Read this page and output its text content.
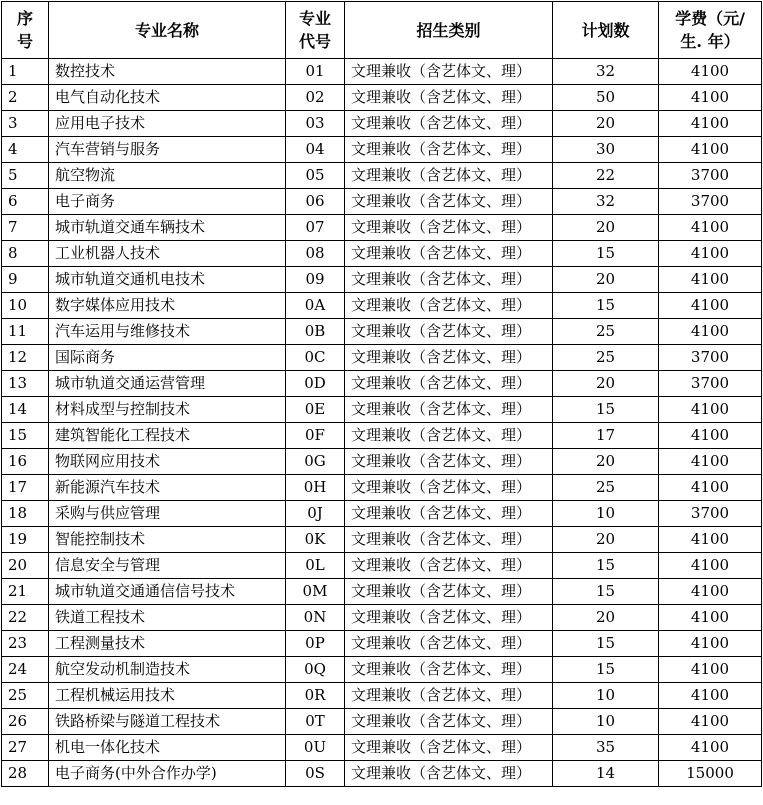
序号	专业名称	专业代号	招生类别	计划数	学费（元/生. 年）
1	数控技术	01	文理兼收（含艺体文、理）	32	4100
2	电气自动化技术	02	文理兼收（含艺体文、理）	50	4100
3	应用电子技术	03	文理兼收（含艺体文、理）	20	4100
4	汽车营销与服务	04	文理兼收（含艺体文、理）	30	4100
5	航空物流	05	文理兼收（含艺体文、理）	22	3700
6	电子商务	06	文理兼收（含艺体文、理）	32	3700
7	城市轨道交通车辆技术	07	文理兼收（含艺体文、理）	20	4100
8	工业机器人技术	08	文理兼收（含艺体文、理）	15	4100
9	城市轨道交通机电技术	09	文理兼收（含艺体文、理）	20	4100
10	数字媒体应用技术	0A	文理兼收（含艺体文、理）	15	4100
11	汽车运用与维修技术	0B	文理兼收（含艺体文、理）	25	4100
12	国际商务	0C	文理兼收（含艺体文、理）	25	3700
13	城市轨道交通运营管理	0D	文理兼收（含艺体文、理）	20	3700
14	材料成型与控制技术	0E	文理兼收（含艺体文、理）	15	4100
15	建筑智能化工程技术	0F	文理兼收（含艺体文、理）	17	4100
16	物联网应用技术	0G	文理兼收（含艺体文、理）	20	4100
17	新能源汽车技术	0H	文理兼收（含艺体文、理）	25	4100
18	采购与供应管理	0J	文理兼收（含艺体文、理）	10	3700
19	智能控制技术	0K	文理兼收（含艺体文、理）	20	4100
20	信息安全与管理	0L	文理兼收（含艺体文、理）	15	4100
21	城市轨道交通通信信号技术	0M	文理兼收（含艺体文、理）	15	4100
22	铁道工程技术	0N	文理兼收（含艺体文、理）	20	4100
23	工程测量技术	0P	文理兼收（含艺体文、理）	15	4100
24	航空发动机制造技术	0Q	文理兼收（含艺体文、理）	15	4100
25	工程机械运用技术	0R	文理兼收（含艺体文、理）	10	4100
26	铁路桥梁与隧道工程技术	0T	文理兼收（含艺体文、理）	10	4100
27	机电一体化技术	0U	文理兼收（含艺体文、理）	35	4100
28	电子商务(中外合作办学)	0S	文理兼收（含艺体文、理）	14	15000
